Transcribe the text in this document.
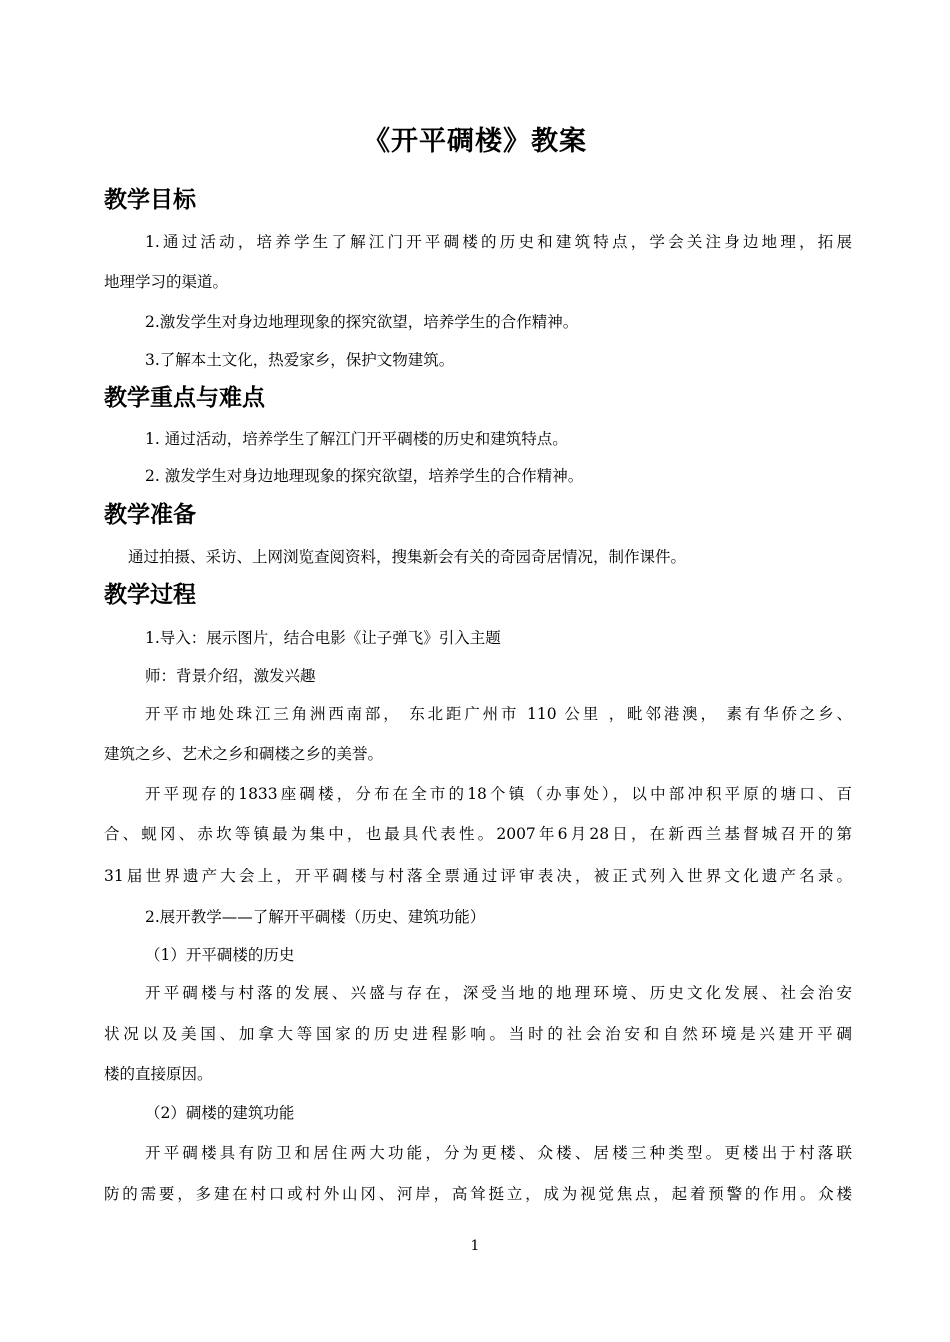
《开平碉楼》教案
教学目标
1.通过活动，培养学生了解江门开平碉楼的历史和建筑特点，学会关注身边地理，拓展
地理学习的渠道。
2.激发学生对身边地理现象的探究欲望，培养学生的合作精神。
3.了解本土文化，热爱家乡，保护文物建筑。
教学重点与难点
1. 通过活动，培养学生了解江门开平碉楼的历史和建筑特点。
2. 激发学生对身边地理现象的探究欲望，培养学生的合作精神。
教学准备
通过拍摄、采访、上网浏览查阅资料，搜集新会有关的奇园奇居情况，制作课件。
教学过程
1.导入：展示图片，结合电影《让子弹飞》引入主题
师：背景介绍，激发兴趣
开平市地处珠江三角洲西南部， 东北距广州市 110 公里 ，毗邻港澳， 素有华侨之乡、
建筑之乡、艺术之乡和碉楼之乡的美誉。
开平现存的1833座碉楼，分布在全市的18个镇（办事处），以中部冲积平原的塘口、百
合、蚬冈、赤坎等镇最为集中，也最具代表性。2007年6月28日，在新西兰基督城召开的第
31届世界遗产大会上，开平碉楼与村落全票通过评审表决，被正式列入世界文化遗产名录。
2.展开教学——了解开平碉楼（历史、建筑功能）
（1）开平碉楼的历史
开平碉楼与村落的发展、兴盛与存在，深受当地的地理环境、历史文化发展、社会治安
状况以及美国、加拿大等国家的历史进程影响。当时的社会治安和自然环境是兴建开平碉
楼的直接原因。
（2）碉楼的建筑功能
开平碉楼具有防卫和居住两大功能，分为更楼、众楼、居楼三种类型。更楼出于村落联
防的需要，多建在村口或村外山冈、河岸，高耸挺立，成为视觉焦点，起着预警的作用。众楼
1
